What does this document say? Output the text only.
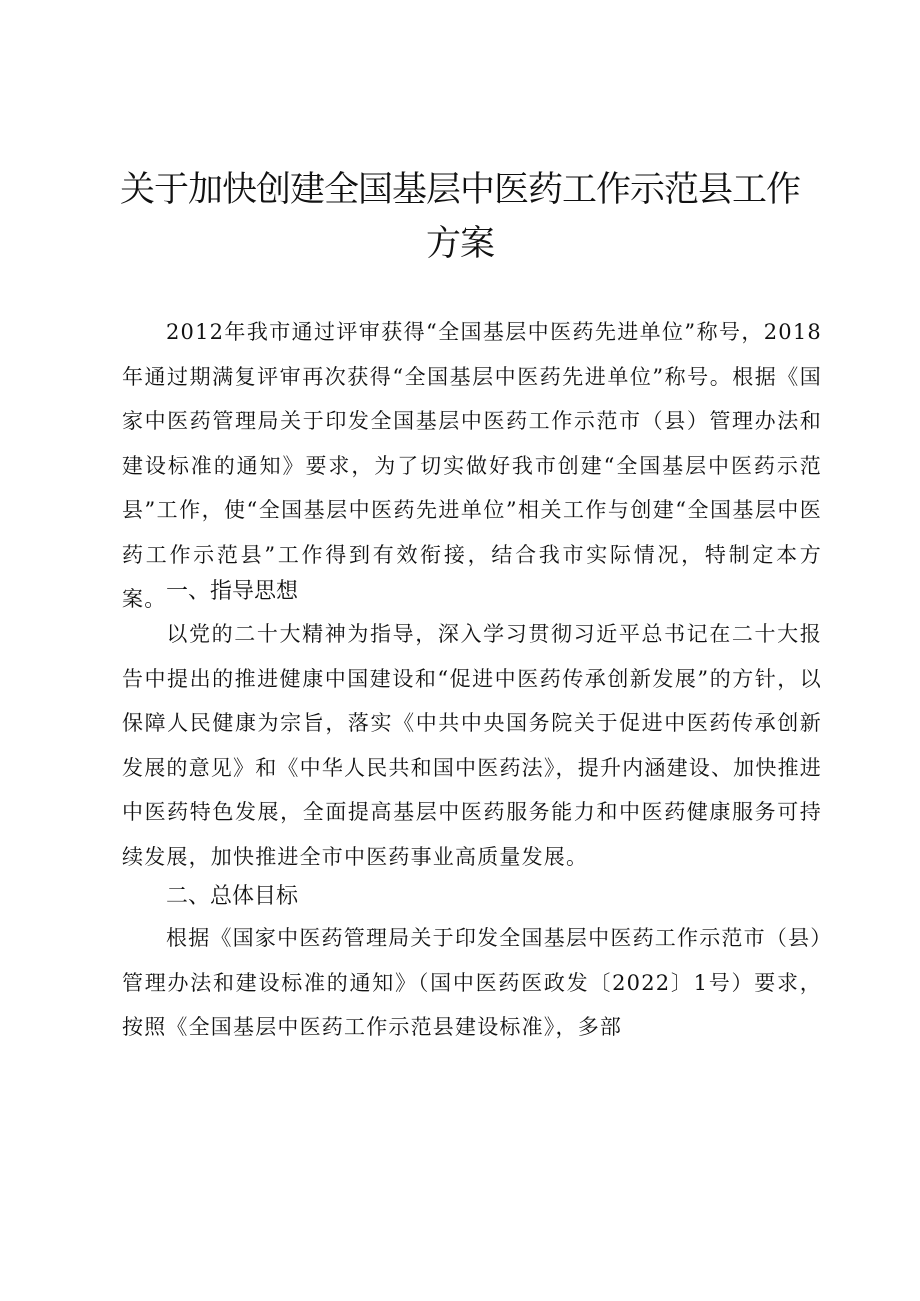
关于加快创建全国基层中医药工作示范县工作
方案
2012年我市通过评审获得“全国基层中医药先进单位”称号，2018年通过期满复评审再次获得“全国基层中医药先进单位”称号。根据《国家中医药管理局关于印发全国基层中医药工作示范市（县）管理办法和建设标准的通知》要求，为了切实做好我市创建“全国基层中医药示范县”工作，使“全国基层中医药先进单位”相关工作与创建“全国基层中医药工作示范县”工作得到有效衔接，结合我市实际情况，特制定本方案。 一、指导思想
以党的二十大精神为指导，深入学习贯彻习近平总书记在二十大报告中提出的推进健康中国建设和“促进中医药传承创新发展”的方针，以保障人民健康为宗旨，落实《中共中央国务院关于促进中医药传承创新发展的意见》和《中华人民共和国中医药法》，提升内涵建设、加快推进中医药特色发展，全面提高基层中医药服务能力和中医药健康服务可持续发展，加快推进全市中医药事业高质量发展。
二、总体目标
根据《国家中医药管理局关于印发全国基层中医药工作示范市（县）管理办法和建设标准的通知》（国中医药医政发〔2022〕1号）要求，按照《全国基层中医药工作示范县建设标准》，多部
